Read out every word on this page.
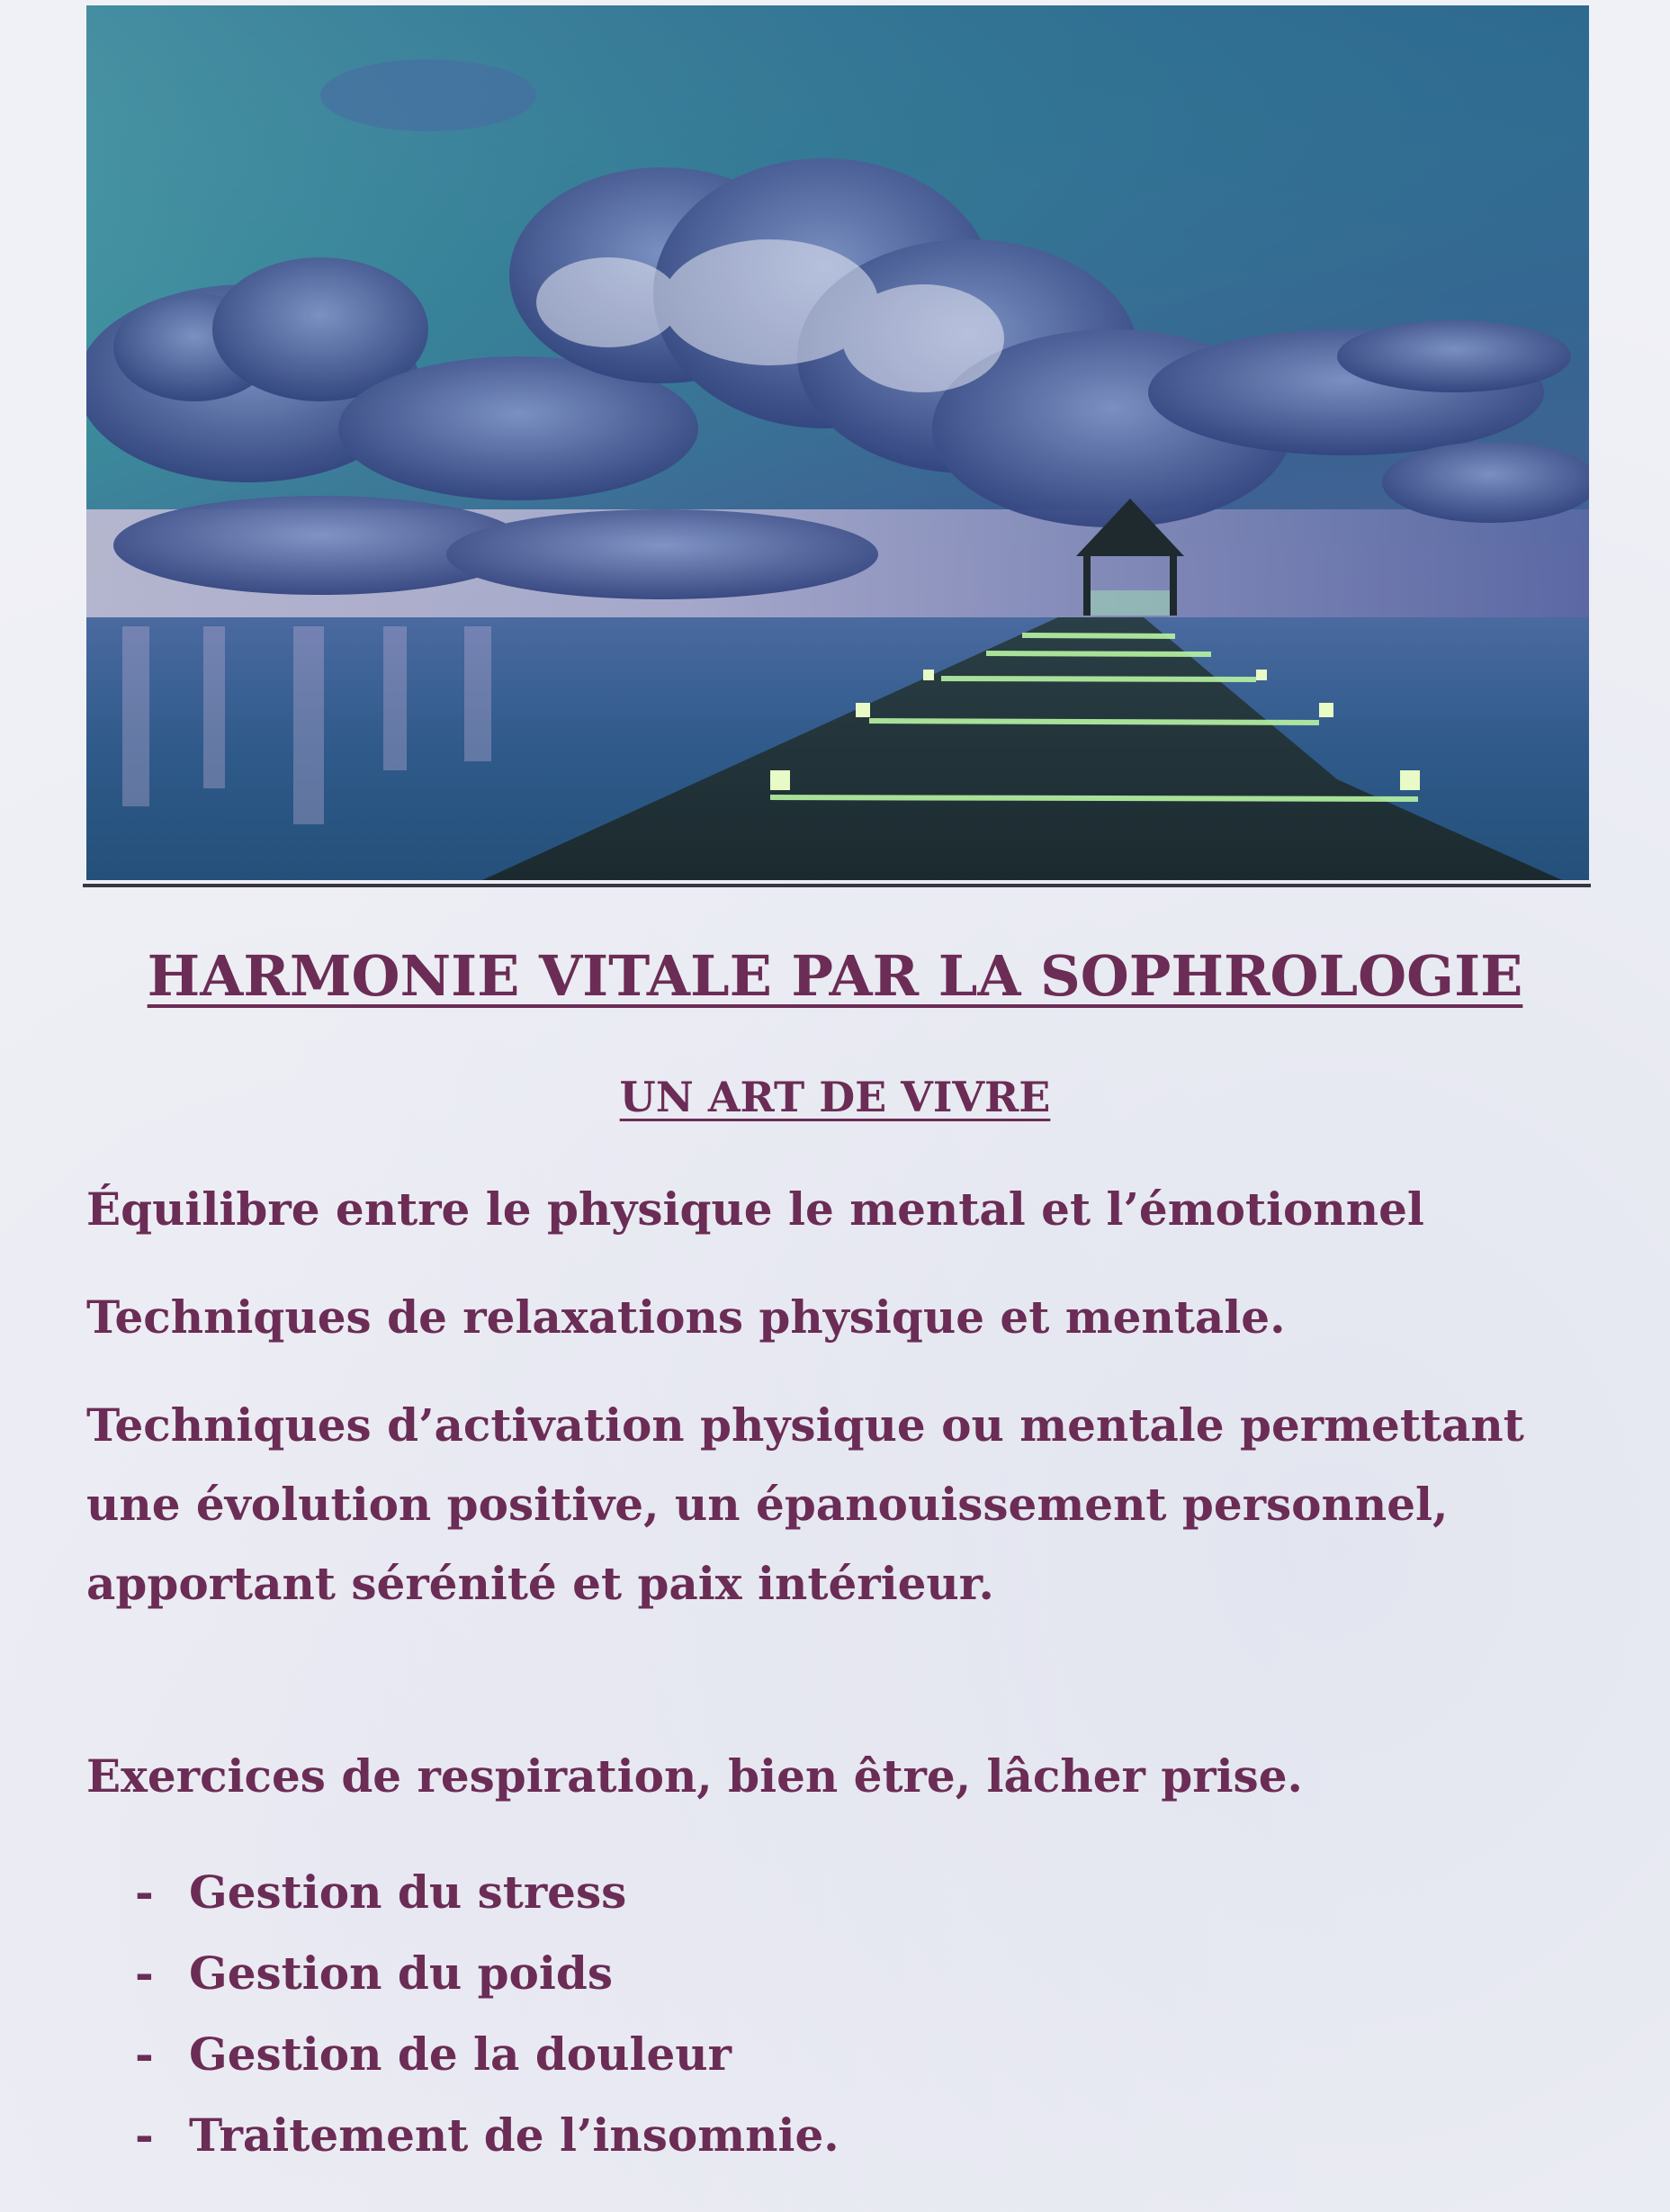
HARMONIE VITALE PAR LA SOPHROLOGIE
UN ART DE VIVRE

Équilibre entre le physique le mental et l’émotionnel

Techniques de relaxations physique et mentale.

Techniques d’activation physique ou mentale permettant une évolution positive, un épanouissement personnel, apportant sérénité et paix intérieur.

Exercices de respiration, bien être, lâcher prise.

- Gestion du stress
- Gestion du poids
- Gestion de la douleur
- Traitement de l’insomnie.
